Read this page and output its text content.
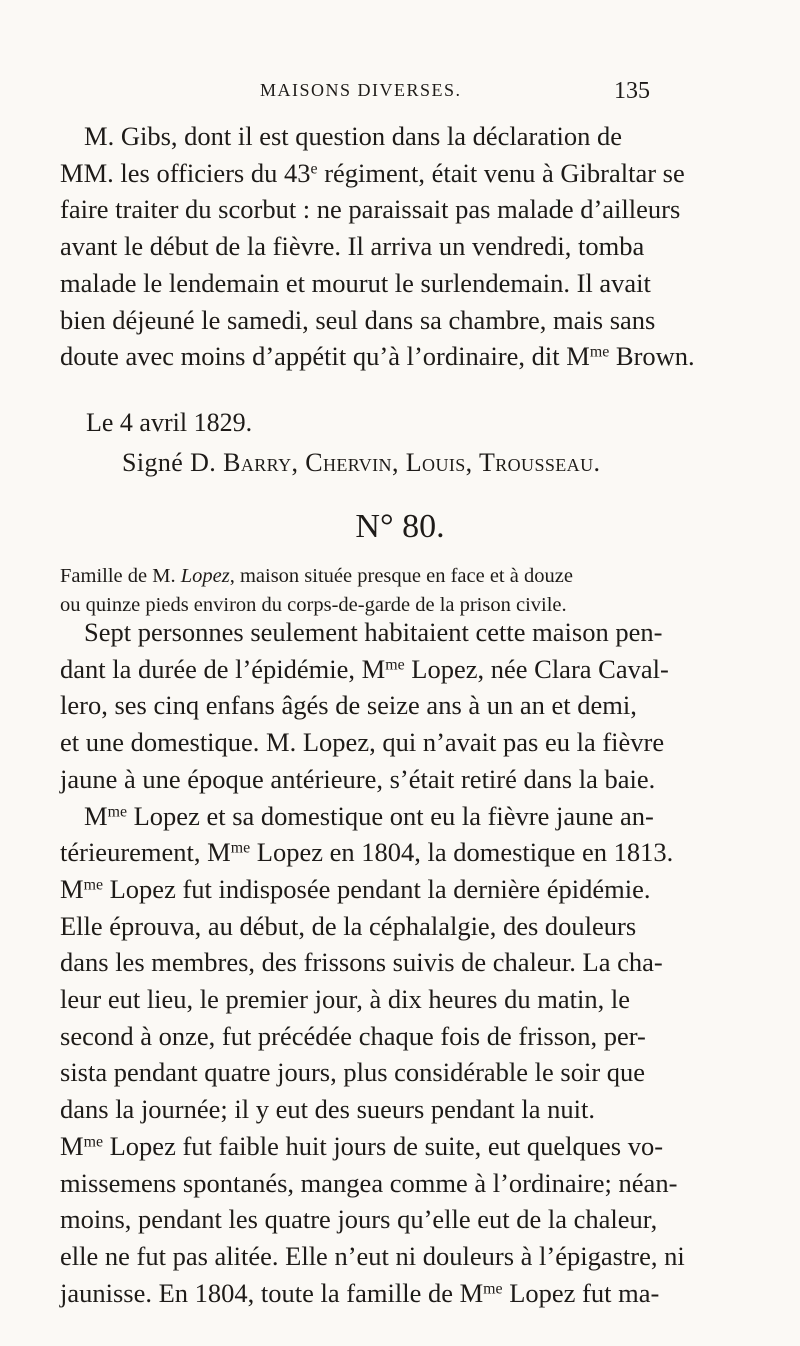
MAISONS DIVERSES.	135
M. Gibs, dont il est question dans la déclaration de
MM. les officiers du 43e régiment, était venu à Gibraltar se
faire traiter du scorbut : ne paraissait pas malade d’ailleurs
avant le début de la fièvre. Il arriva un vendredi, tomba
malade le lendemain et mourut le surlendemain. Il avait
bien déjeuné le samedi, seul dans sa chambre, mais sans
doute avec moins d’appétit qu’à l’ordinaire, dit $M^{me}$ Brown.
Le 4 avril 1829.
Signé D. Barry, Chervin, Louis, Trousseau.
N° 80.
Famille de M. Lopez, maison située presque en face et à douze
ou quinze pieds environ du corps-de-garde de la prison civile.
Sept personnes seulement habitaient cette maison pen-
dant la durée de l’épidémie, $M^{me}$ Lopez, née Clara Caval-
lero, ses cinq enfans âgés de seize ans à un an et demi,
et une domestique. M. Lopez, qui n’avait pas eu la fièvre
jaune à une époque antérieure, s’était retiré dans la baie.
$M^{me}$ Lopez et sa domestique ont eu la fièvre jaune an-
térieurement, $M^{me}$ Lopez en 1804, la domestique en 1813.
$M^{me}$ Lopez fut indisposée pendant la dernière épidémie.
Elle éprouva, au début, de la céphalalgie, des douleurs
dans les membres, des frissons suivis de chaleur. La cha-
leur eut lieu, le premier jour, à dix heures du matin, le
second à onze, fut précédée chaque fois de frisson, per-
sista pendant quatre jours, plus considérable le soir que
dans la journée; il y eut des sueurs pendant la nuit.
$M^{me}$ Lopez fut faible huit jours de suite, eut quelques vo-
missemens spontanés, mangea comme à l’ordinaire; néan-
moins, pendant les quatre jours qu’elle eut de la chaleur,
elle ne fut pas alitée. Elle n’eut ni douleurs à l’épigastre, ni
jaunisse. En 1804, toute la famille de $M^{me}$ Lopez fut ma-
